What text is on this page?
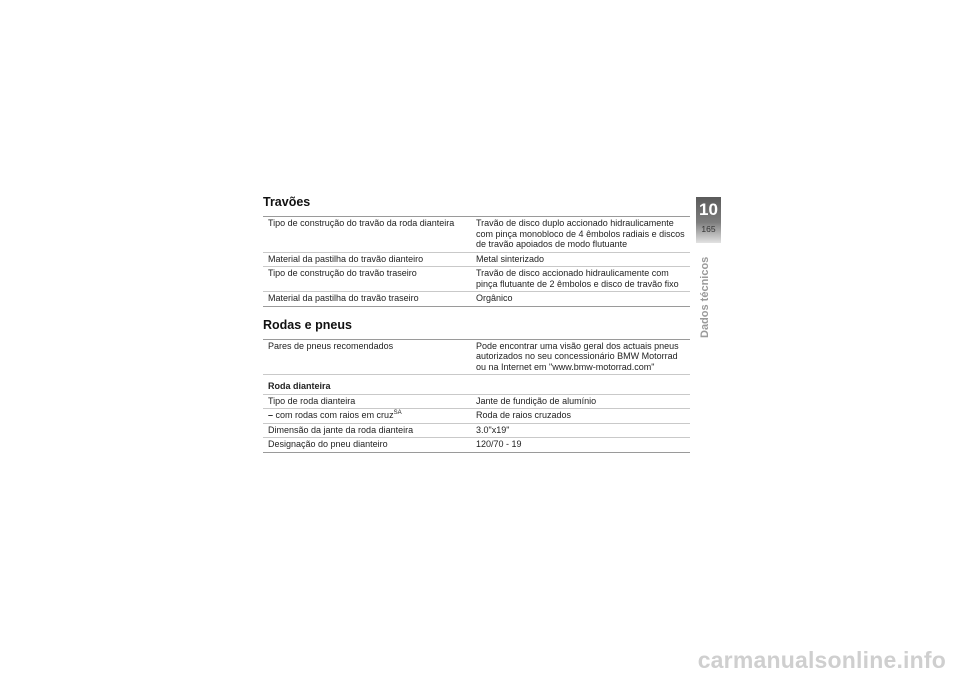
Travões
Tipo de construção do travão da roda dianteira	Travão de disco duplo accionado hidraulicamente com pinça monobloco de 4 êmbolos radiais e discos de travão apoiados de modo flutuante
Material da pastilha do travão dianteiro	Metal sinterizado
Tipo de construção do travão traseiro	Travão de disco accionado hidraulicamente com pinça flutuante de 2 êmbolos e disco de travão fixo
Material da pastilha do travão traseiro	Orgânico
Rodas e pneus
Pares de pneus recomendados	Pode encontrar uma visão geral dos actuais pneus autorizados no seu concessionário BMW Motorrad ou na Internet em "www.bmw-motorrad.com"
Roda dianteira	
Tipo de roda dianteira	Jante de fundição de alumínio
– com rodas com raios em cruz$^{SA}$	Roda de raios cruzados
Dimensão da jante da roda dianteira	3.0"x19"
Designação do pneu dianteiro	120/70 - 19
10
165
Dados técnicos
carmanualsonline.info
